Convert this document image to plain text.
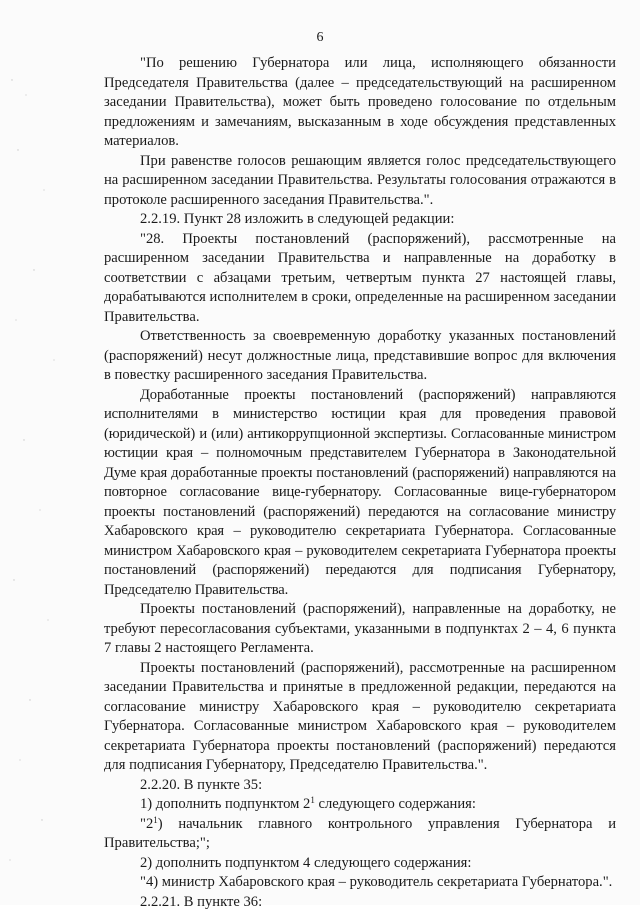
6

"По решению Губернатора или лица, исполняющего обязанности Председателя Правительства (далее – председательствующий на расширенном заседании Правительства), может быть проведено голосование по отдельным предложениям и замечаниям, высказанным в ходе обсуждения представленных материалов.

При равенстве голосов решающим является голос председательствующего на расширенном заседании Правительства. Результаты голосования отражаются в протоколе расширенного заседания Правительства.".

2.2.19. Пункт 28 изложить в следующей редакции:

"28. Проекты постановлений (распоряжений), рассмотренные на расширенном заседании Правительства и направленные на доработку в соответствии с абзацами третьим, четвертым пункта 27 настоящей главы, дорабатываются исполнителем в сроки, определенные на расширенном заседании Правительства.

Ответственность за своевременную доработку указанных постановлений (распоряжений) несут должностные лица, представившие вопрос для включения в повестку расширенного заседания Правительства.

Доработанные проекты постановлений (распоряжений) направляются исполнителями в министерство юстиции края для проведения правовой (юридической) и (или) антикоррупционной экспертизы. Согласованные министром юстиции края – полномочным представителем Губернатора в Законодательной Думе края доработанные проекты постановлений (распоряжений) направляются на повторное согласование вице-губернатору. Согласованные вице-губернатором проекты постановлений (распоряжений) передаются на согласование министру Хабаровского края – руководителю секретариата Губернатора. Согласованные министром Хабаровского края – руководителем секретариата Губернатора проекты постановлений (распоряжений) передаются для подписания Губернатору, Председателю Правительства.

Проекты постановлений (распоряжений), направленные на доработку, не требуют пересогласования субъектами, указанными в подпунктах 2 – 4, 6 пункта 7 главы 2 настоящего Регламента.

Проекты постановлений (распоряжений), рассмотренные на расширенном заседании Правительства и принятые в предложенной редакции, передаются на согласование министру Хабаровского края – руководителю секретариата Губернатора. Согласованные министром Хабаровского края – руководителем секретариата Губернатора проекты постановлений (распоряжений) передаются для подписания Губернатору, Председателю Правительства.".

2.2.20. В пункте 35:

1) дополнить подпунктом $2^1$ следующего содержания:

"$2^1$) начальник главного контрольного управления Губернатора и Правительства;";

2) дополнить подпунктом 4 следующего содержания:

"4) министр Хабаровского края – руководитель секретариата Губернатора.".

2.2.21. В пункте 36:
